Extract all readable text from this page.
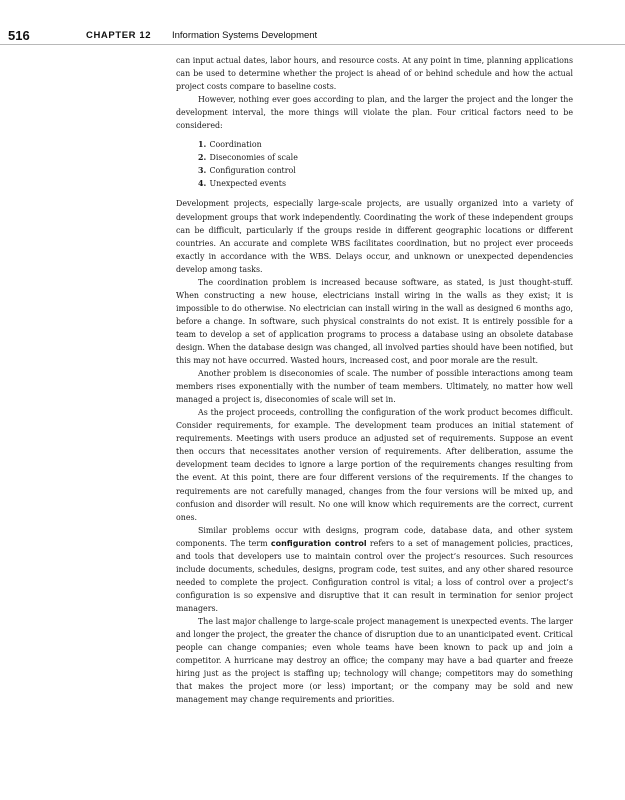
516	CHAPTER 12 Information Systems Development

can input actual dates, labor hours, and resource costs. At any point in time, planning applications can be used to determine whether the project is ahead of or behind schedule and how the actual project costs compare to baseline costs.

However, nothing ever goes according to plan, and the larger the project and the longer the development interval, the more things will violate the plan. Four critical factors need to be considered:

1. Coordination
2. Diseconomies of scale
3. Configuration control
4. Unexpected events

Development projects, especially large-scale projects, are usually organized into a variety of development groups that work independently. Coordinating the work of these independent groups can be difficult, particularly if the groups reside in different geographic locations or different countries. An accurate and complete WBS facilitates coordination, but no project ever proceeds exactly in accordance with the WBS. Delays occur, and unknown or unexpected dependencies develop among tasks.

The coordination problem is increased because software, as stated, is just thought-stuff. When constructing a new house, electricians install wiring in the walls as they exist; it is impossible to do otherwise. No electrician can install wiring in the wall as designed 6 months ago, before a change. In software, such physical constraints do not exist. It is entirely possible for a team to develop a set of application programs to process a database using an obsolete database design. When the database design was changed, all involved parties should have been notified, but this may not have occurred. Wasted hours, increased cost, and poor morale are the result.

Another problem is diseconomies of scale. The number of possible interactions among team members rises exponentially with the number of team members. Ultimately, no matter how well managed a project is, diseconomies of scale will set in.

As the project proceeds, controlling the configuration of the work product becomes difficult. Consider requirements, for example. The development team produces an initial statement of requirements. Meetings with users produce an adjusted set of requirements. Suppose an event then occurs that necessitates another version of requirements. After deliberation, assume the development team decides to ignore a large portion of the requirements changes resulting from the event. At this point, there are four different versions of the requirements. If the changes to requirements are not carefully managed, changes from the four versions will be mixed up, and confusion and disorder will result. No one will know which requirements are the correct, current ones.

Similar problems occur with designs, program code, database data, and other system components. The term configuration control refers to a set of management policies, practices, and tools that developers use to maintain control over the project’s resources. Such resources include documents, schedules, designs, program code, test suites, and any other shared resource needed to complete the project. Configuration control is vital; a loss of control over a project’s configuration is so expensive and disruptive that it can result in termination for senior project managers.

The last major challenge to large-scale project management is unexpected events. The larger and longer the project, the greater the chance of disruption due to an unanticipated event. Critical people can change companies; even whole teams have been known to pack up and join a competitor. A hurricane may destroy an office; the company may have a bad quarter and freeze hiring just as the project is staffing up; technology will change; competitors may do something that makes the project more (or less) important; or the company may be sold and new management may change requirements and priorities.
